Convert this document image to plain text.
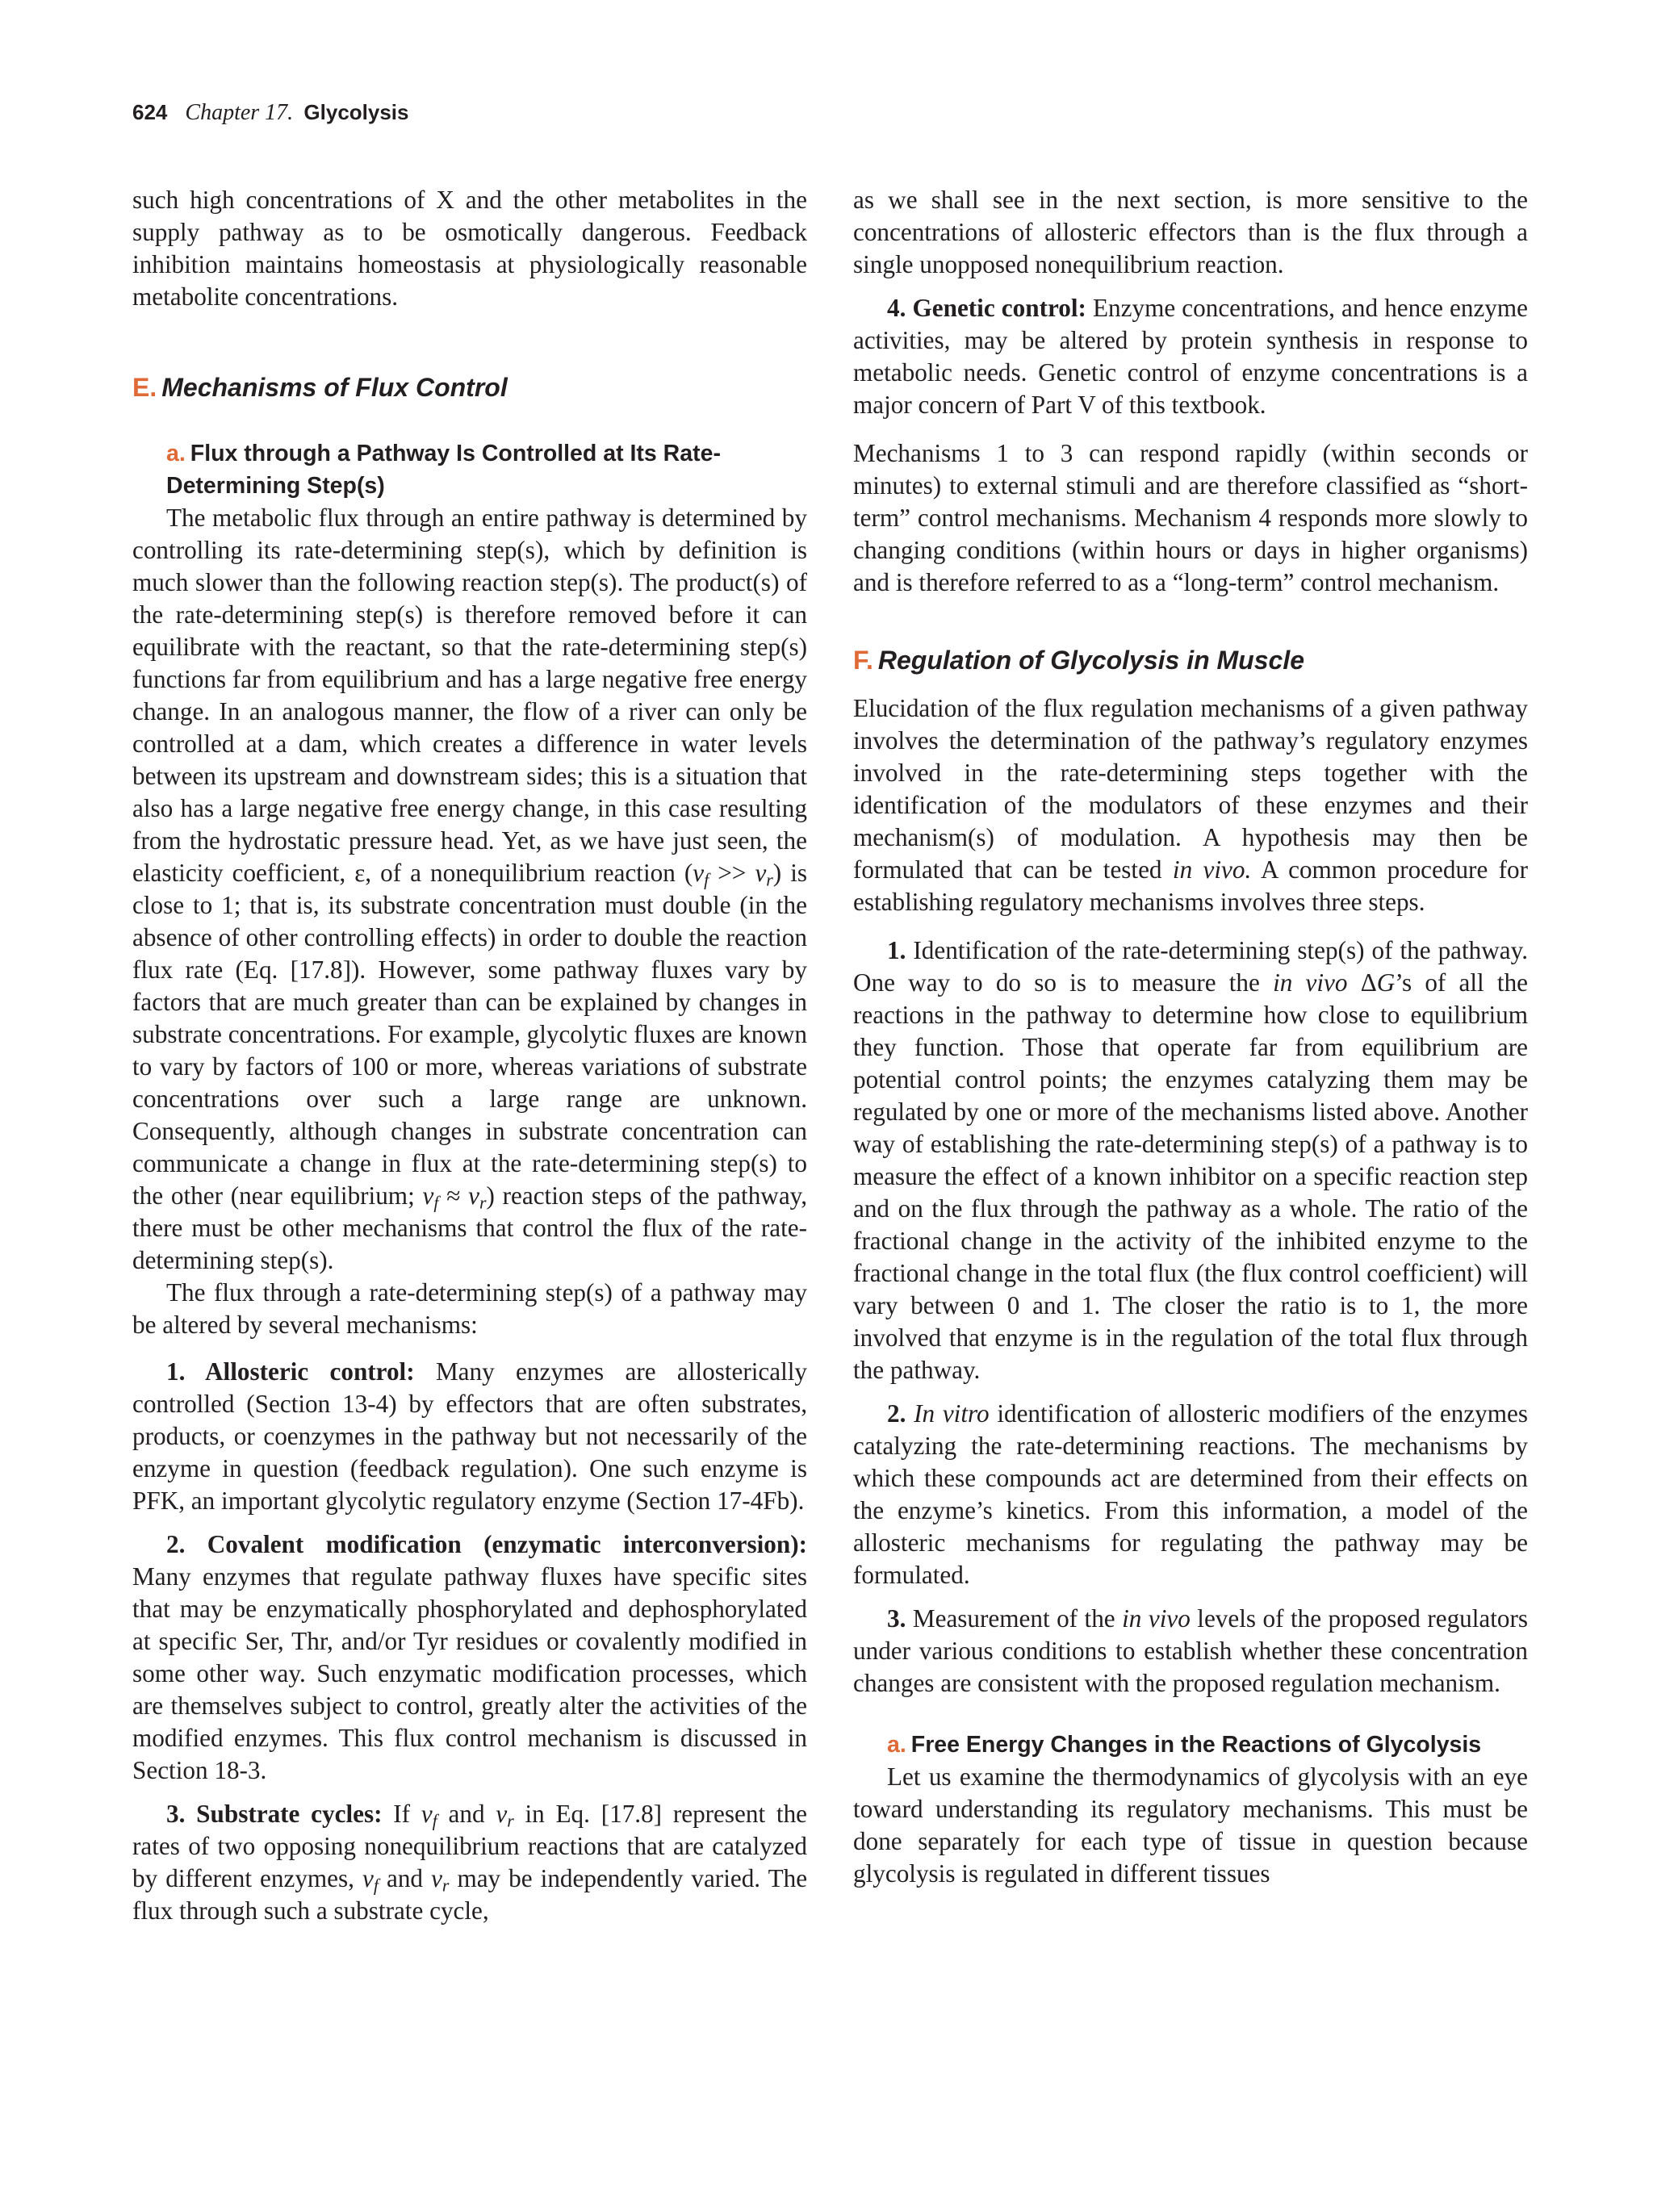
624 Chapter 17. Glycolysis

such high concentrations of X and the other metabolites in the supply pathway as to be osmotically dangerous. Feedback inhibition maintains homeostasis at physiologically reasonable metabolite concentrations.

E. Mechanisms of Flux Control
a. Flux through a Pathway Is Controlled at Its Rate-Determining Step(s)

The metabolic flux through an entire pathway is determined by controlling its rate-determining step(s), which by definition is much slower than the following reaction step(s). The product(s) of the rate-determining step(s) is therefore removed before it can equilibrate with the reactant, so that the rate-determining step(s) functions far from equilibrium and has a large negative free energy change. In an analogous manner, the flow of a river can only be controlled at a dam, which creates a difference in water levels between its upstream and downstream sides; this is a situation that also has a large negative free energy change, in this case resulting from the hydrostatic pressure head. Yet, as we have just seen, the elasticity coefficient, ε, of a nonequilibrium reaction $(v_f >> v_r)$ is close to 1; that is, its substrate concentration must double (in the absence of other controlling effects) in order to double the reaction flux rate (Eq. [17.8]). However, some pathway fluxes vary by factors that are much greater than can be explained by changes in substrate concentrations. For example, glycolytic fluxes are known to vary by factors of 100 or more, whereas variations of substrate concentrations over such a large range are unknown. Consequently, although changes in substrate concentration can communicate a change in flux at the rate-determining step(s) to the other (near equilibrium; $v_f \approx v_r$) reaction steps of the pathway, there must be other mechanisms that control the flux of the rate-determining step(s).

The flux through a rate-determining step(s) of a pathway may be altered by several mechanisms:

1. Allosteric control: Many enzymes are allosterically controlled (Section 13-4) by effectors that are often substrates, products, or coenzymes in the pathway but not necessarily of the enzyme in question (feedback regulation). One such enzyme is PFK, an important glycolytic regulatory enzyme (Section 17-4Fb).

2. Covalent modification (enzymatic interconversion): Many enzymes that regulate pathway fluxes have specific sites that may be enzymatically phosphorylated and dephosphorylated at specific Ser, Thr, and/or Tyr residues or covalently modified in some other way. Such enzymatic modification processes, which are themselves subject to control, greatly alter the activities of the modified enzymes. This flux control mechanism is discussed in Section 18-3.

3. Substrate cycles: If $v_f$ and $v_r$ in Eq. [17.8] represent the rates of two opposing nonequilibrium reactions that are catalyzed by different enzymes, $v_f$ and $v_r$ may be independently varied. The flux through such a substrate cycle,

as we shall see in the next section, is more sensitive to the concentrations of allosteric effectors than is the flux through a single unopposed nonequilibrium reaction.

4. Genetic control: Enzyme concentrations, and hence enzyme activities, may be altered by protein synthesis in response to metabolic needs. Genetic control of enzyme concentrations is a major concern of Part V of this textbook.

Mechanisms 1 to 3 can respond rapidly (within seconds or minutes) to external stimuli and are therefore classified as “short-term” control mechanisms. Mechanism 4 responds more slowly to changing conditions (within hours or days in higher organisms) and is therefore referred to as a “long-term” control mechanism.

F. Regulation of Glycolysis in Muscle

Elucidation of the flux regulation mechanisms of a given pathway involves the determination of the pathway’s regulatory enzymes involved in the rate-determining steps together with the identification of the modulators of these enzymes and their mechanism(s) of modulation. A hypothesis may then be formulated that can be tested in vivo. A common procedure for establishing regulatory mechanisms involves three steps.

1. Identification of the rate-determining step(s) of the pathway. One way to do so is to measure the in vivo ΔG’s of all the reactions in the pathway to determine how close to equilibrium they function. Those that operate far from equilibrium are potential control points; the enzymes catalyzing them may be regulated by one or more of the mechanisms listed above. Another way of establishing the rate-determining step(s) of a pathway is to measure the effect of a known inhibitor on a specific reaction step and on the flux through the pathway as a whole. The ratio of the fractional change in the activity of the inhibited enzyme to the fractional change in the total flux (the flux control coefficient) will vary between 0 and 1. The closer the ratio is to 1, the more involved that enzyme is in the regulation of the total flux through the pathway.

2. In vitro identification of allosteric modifiers of the enzymes catalyzing the rate-determining reactions. The mechanisms by which these compounds act are determined from their effects on the enzyme’s kinetics. From this information, a model of the allosteric mechanisms for regulating the pathway may be formulated.

3. Measurement of the in vivo levels of the proposed regulators under various conditions to establish whether these concentration changes are consistent with the proposed regulation mechanism.

a. Free Energy Changes in the Reactions of Glycolysis

Let us examine the thermodynamics of glycolysis with an eye toward understanding its regulatory mechanisms. This must be done separately for each type of tissue in question because glycolysis is regulated in different tissues
